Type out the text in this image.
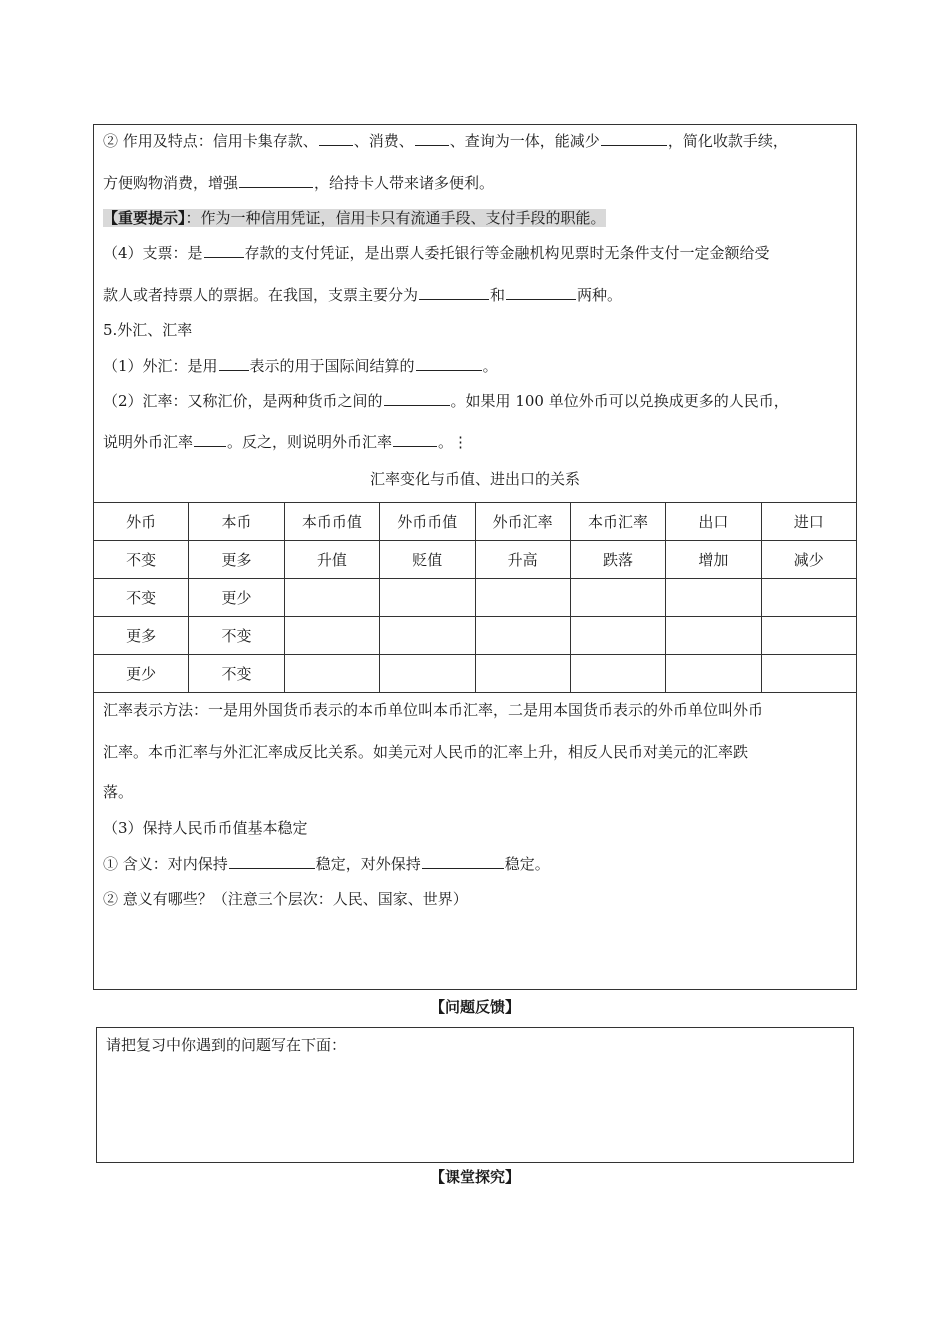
② 作用及特点：信用卡集存款、 、消费、 、查询为一体，能减少	，简化收款手续，
方便购物消费，增强	，给持卡人带来诸多便利。
【重要提示】：作为一种信用凭证，信用卡只有流通手段、支付手段的职能。
（4）支票：是	存款的支付凭证，是出票人委托银行等金融机构见票时无条件支付一定金额给受
款人或者持票人的票据。在我国，支票主要分为	和	两种。
5.外汇、汇率
（1）外汇：是用 表示的用于国际间结算的	。
（2）汇率：又称汇价，是两种货币之间的	。如果用 100 单位外币可以兑换成更多的人民币，
说明外币汇率 。反之，则说明外币汇率	。⋮
汇率变化与币值、进出口的关系
外币	本币	本币币值	外币币值	外币汇率	本币汇率	出口	进口
不变	更多	升值	贬值	升高	跌落	增加	减少
不变	更少						
更多	不变						
更少	不变						
汇率表示方法：一是用外国货币表示的本币单位叫本币汇率，二是用本国货币表示的外币单位叫外币
汇率。本币汇率与外汇汇率成反比关系。如美元对人民币的汇率上升，相反人民币对美元的汇率跌
落。
（3）保持人民币币值基本稳定
① 含义：对内保持	稳定，对外保持	稳定。
② 意义有哪些？（注意三个层次：人民、国家、世界）
【问题反馈】
请把复习中你遇到的问题写在下面：
【课堂探究】
